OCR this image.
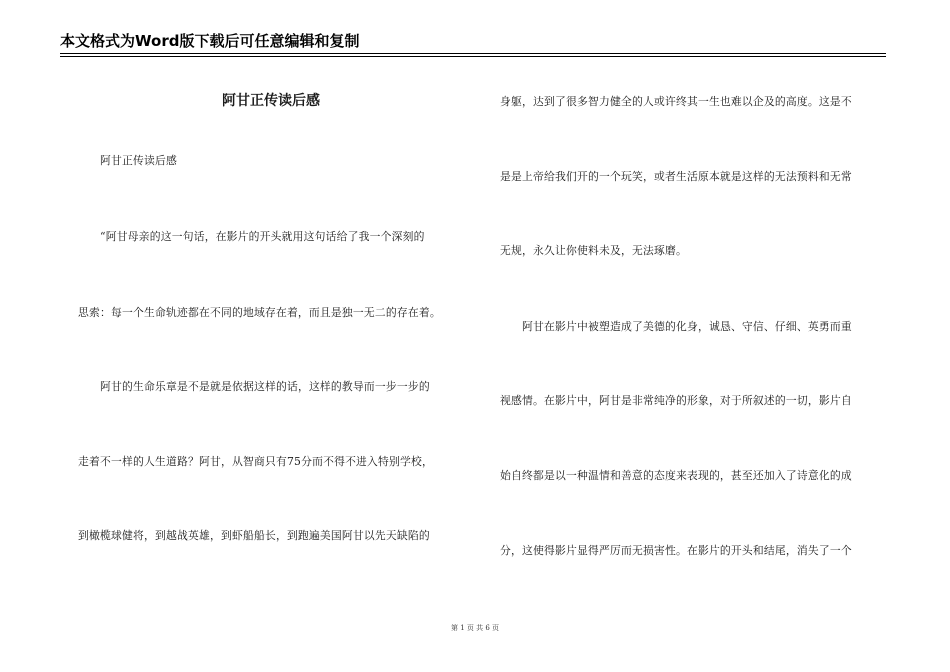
本文格式为Word版下载后可任意编辑和复制
阿甘正传读后感
阿甘正传读后感
“阿甘母亲的这一句话，在影片的开头就用这句话给了我一个深刻的
思索：每一个生命轨迹都在不同的地域存在着，而且是独一无二的存在着。
阿甘的生命乐章是不是就是依据这样的话，这样的教导而一步一步的
走着不一样的人生道路？阿甘，从智商只有75分而不得不进入特别学校，
到橄榄球健将，到越战英雄，到虾船船长，到跑遍美国阿甘以先天缺陷的
身躯，达到了很多智力健全的人或许终其一生也难以企及的高度。这是不
是是上帝给我们开的一个玩笑，或者生活原本就是这样的无法预料和无常
无规，永久让你使料未及，无法琢磨。
阿甘在影片中被塑造成了美德的化身，诚恳、守信、仔细、英勇而重
视感情。在影片中，阿甘是非常纯净的形象，对于所叙述的一切，影片自
始自终都是以一种温情和善意的态度来表现的，甚至还加入了诗意化的成
分，这使得影片显得严厉而无损害性。在影片的开头和结尾，消失了一个
第 1 页 共 6 页
